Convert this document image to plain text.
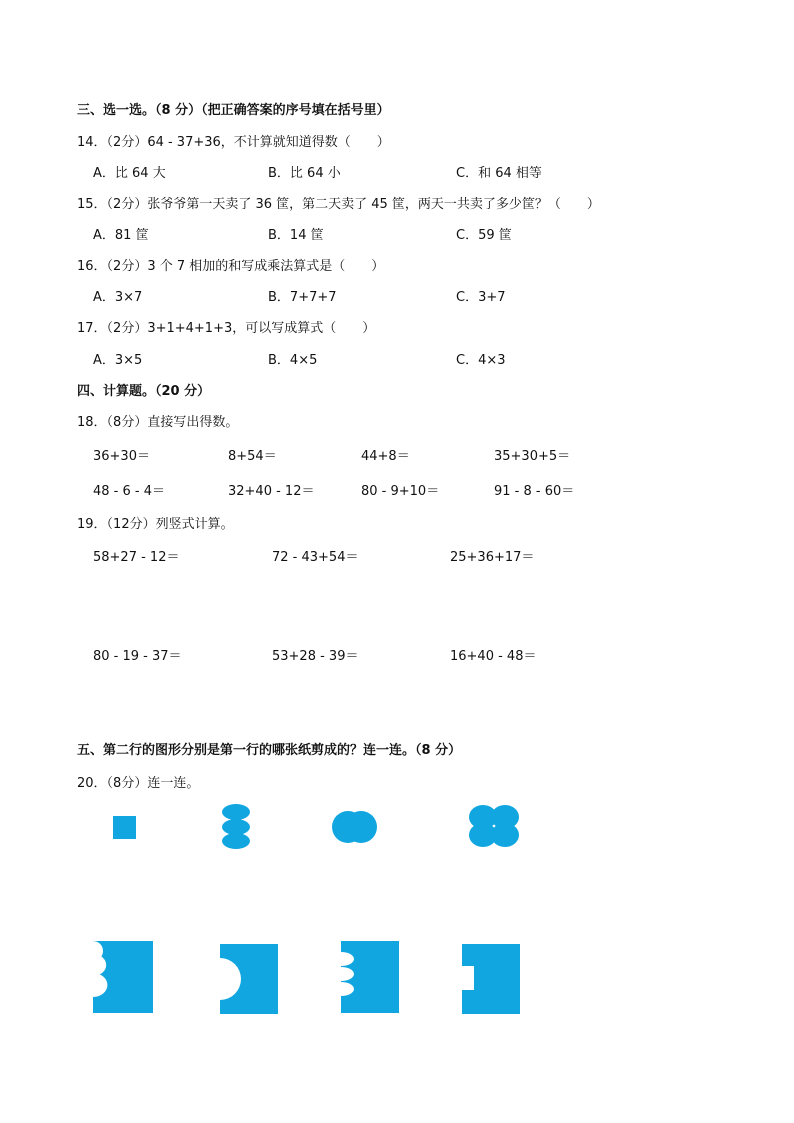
三、选一选。（8 分）（把正确答案的序号填在括号里）
14．（2分）64 - 37+36，不计算就知道得数（　　）
A．比 64 大	B．比 64 小	C．和 64 相等
15．（2分）张爷爷第一天卖了 36 筐，第二天卖了 45 筐，两天一共卖了多少筐？（　　）
A．81 筐	B．14 筐	C．59 筐
16．（2分）3 个 7 相加的和写成乘法算式是（　　）
A．3×7	B．7+7+7	C．3+7
17．（2分）3+1+4+1+3，可以写成算式（　　）
A．3×5	B．4×5	C．4×3
四、计算题。（20 分）
18．（8分）直接写出得数。
36+30＝	8+54＝	44+8＝	35+30+5＝
48 - 6 - 4＝	32+40 - 12＝	80 - 9+10＝	91 - 8 - 60＝
19．（12分）列竖式计算。
58+27 - 12＝	72 - 43+54＝	25+36+17＝
80 - 19 - 37＝	53+28 - 39＝	16+40 - 48＝
五、第二行的图形分别是第一行的哪张纸剪成的？连一连。（8 分）
20．（8分）连一连。
